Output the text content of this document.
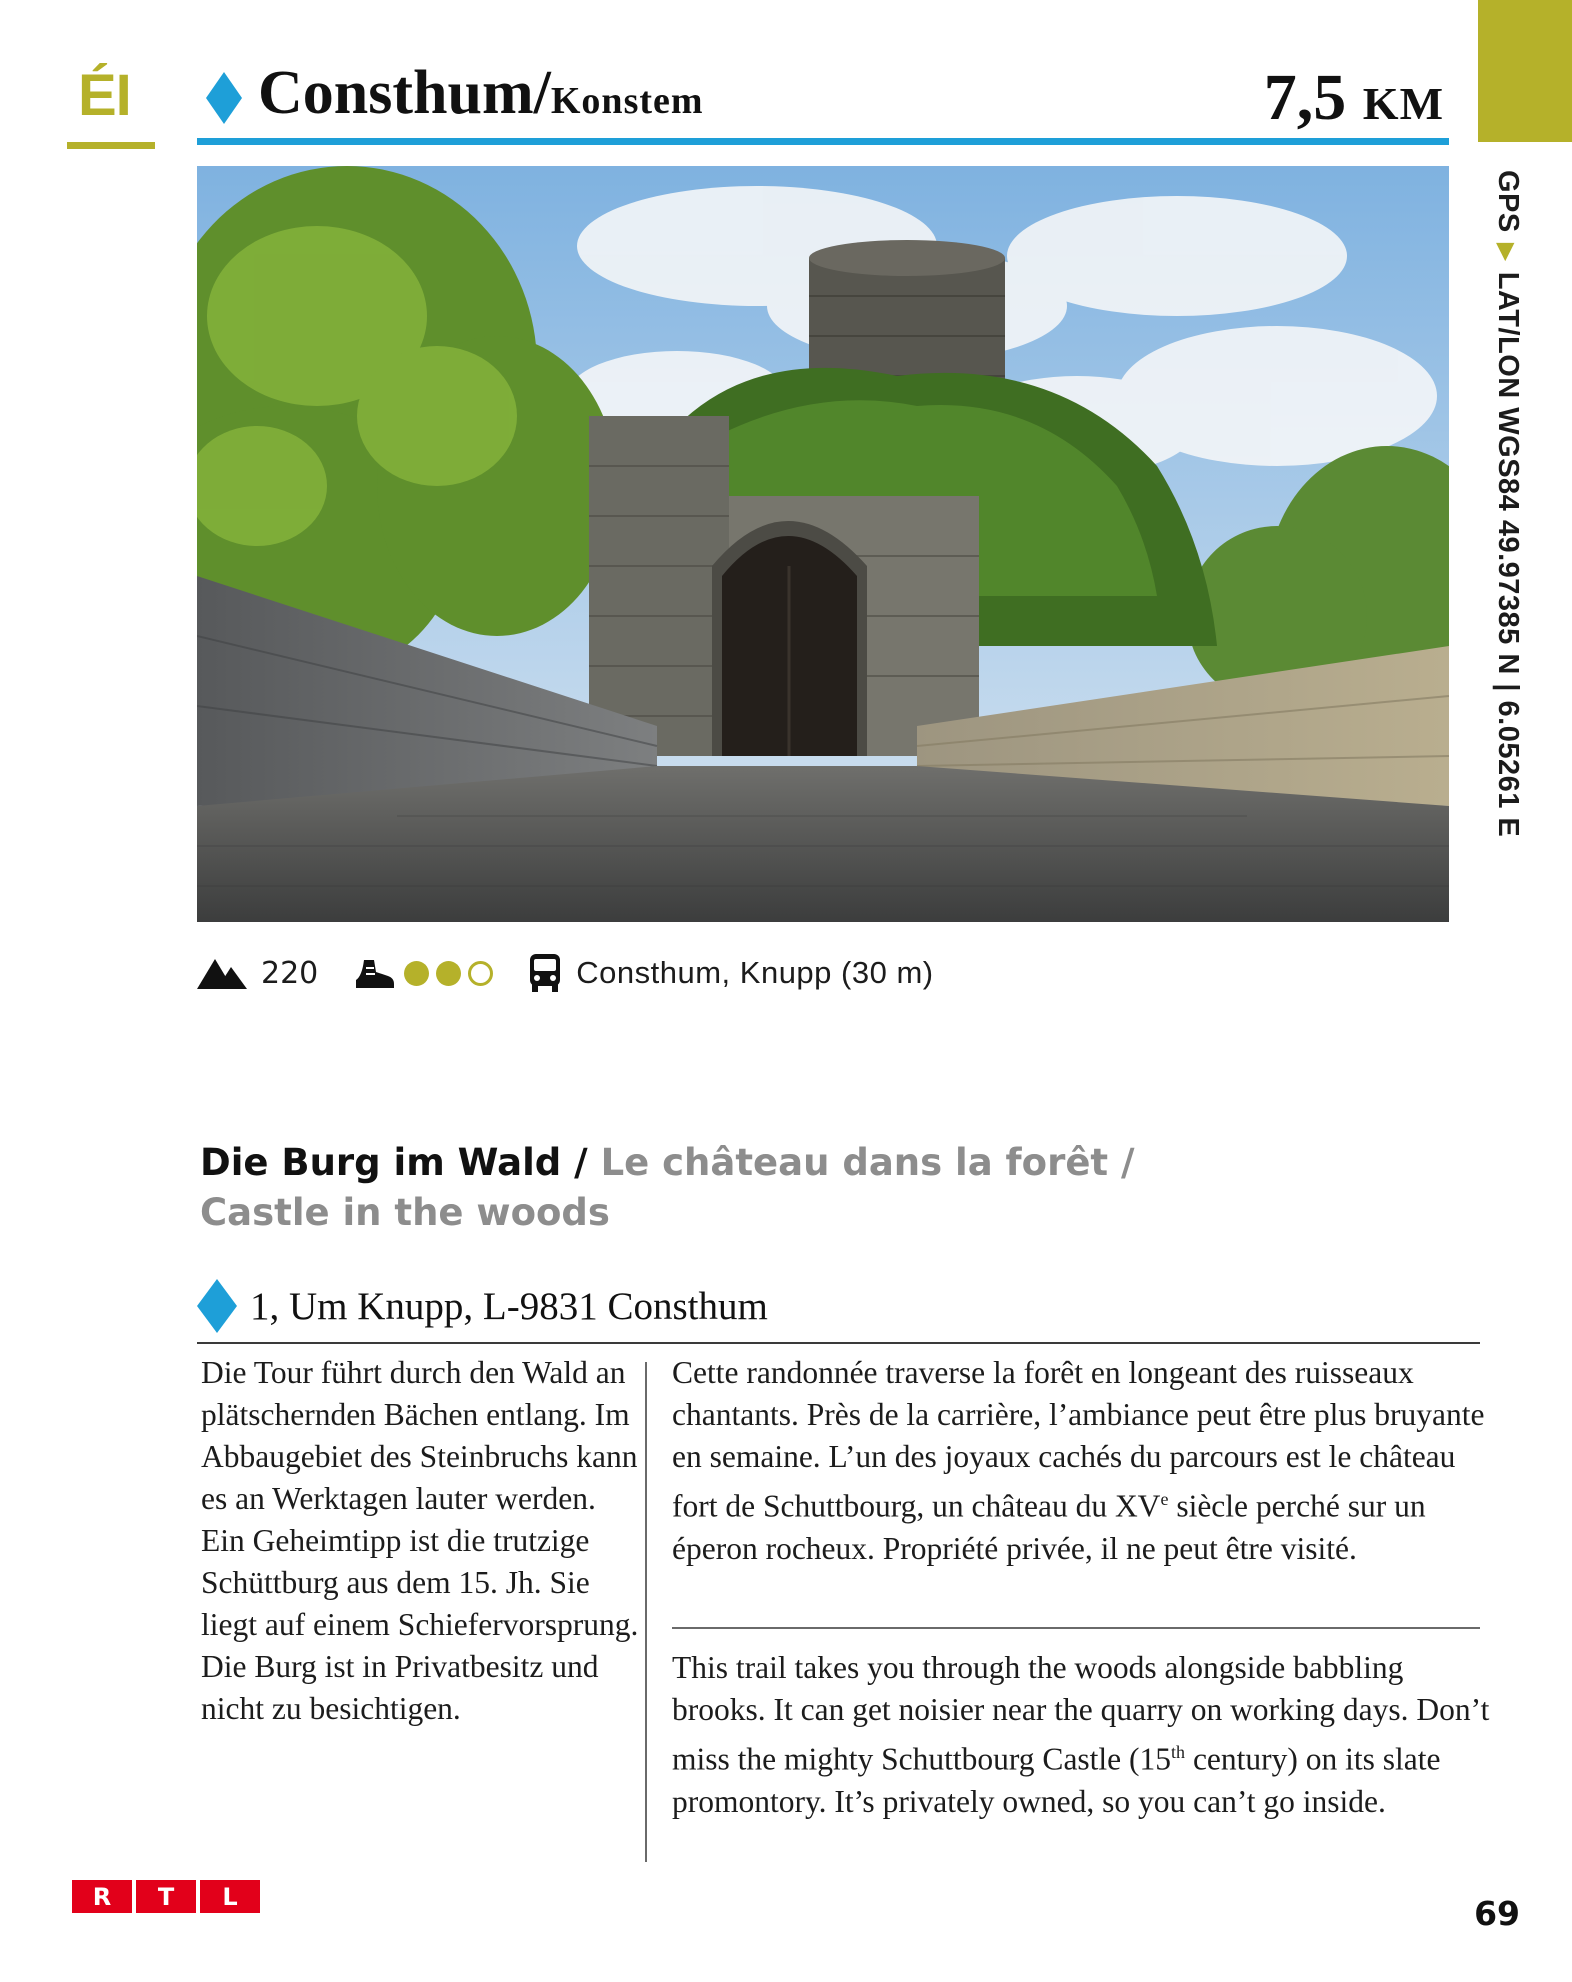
ÉI Consthum/Konstem	7,5 KM
GPS▶LAT/LON WGS84 49.97385 N | 6.05261 E
220	Consthum, Knupp (30 m)
Die Burg im Wald / Le château dans la forêt /
Castle in the woods
1, Um Knupp, L-9831 Consthum
Die Tour führt durch den Wald an plätschernden Bächen entlang. Im Abbaugebiet des Steinbruchs kann es an Werktagen lauter werden. Ein Geheimtipp ist die trutzige Schüttburg aus dem 15. Jh. Sie liegt auf einem Schiefervorsprung. Die Burg ist in Privatbesitz und nicht zu besichtigen.
Cette randonnée traverse la forêt en longeant des ruisseaux chantants. Près de la carrière, l’ambiance peut être plus bruyante en semaine. L’un des joyaux cachés du parcours est le château fort de Schuttbourg, un château du XVe siècle perché sur un éperon rocheux. Propriété privée, il ne peut être visité.
This trail takes you through the woods alongside babbling brooks. It can get noisier near the quarry on working days. Don’t miss the mighty Schuttbourg Castle (15th century) on its slate promontory. It’s privately owned, so you can’t go inside.
R	T	L	69
